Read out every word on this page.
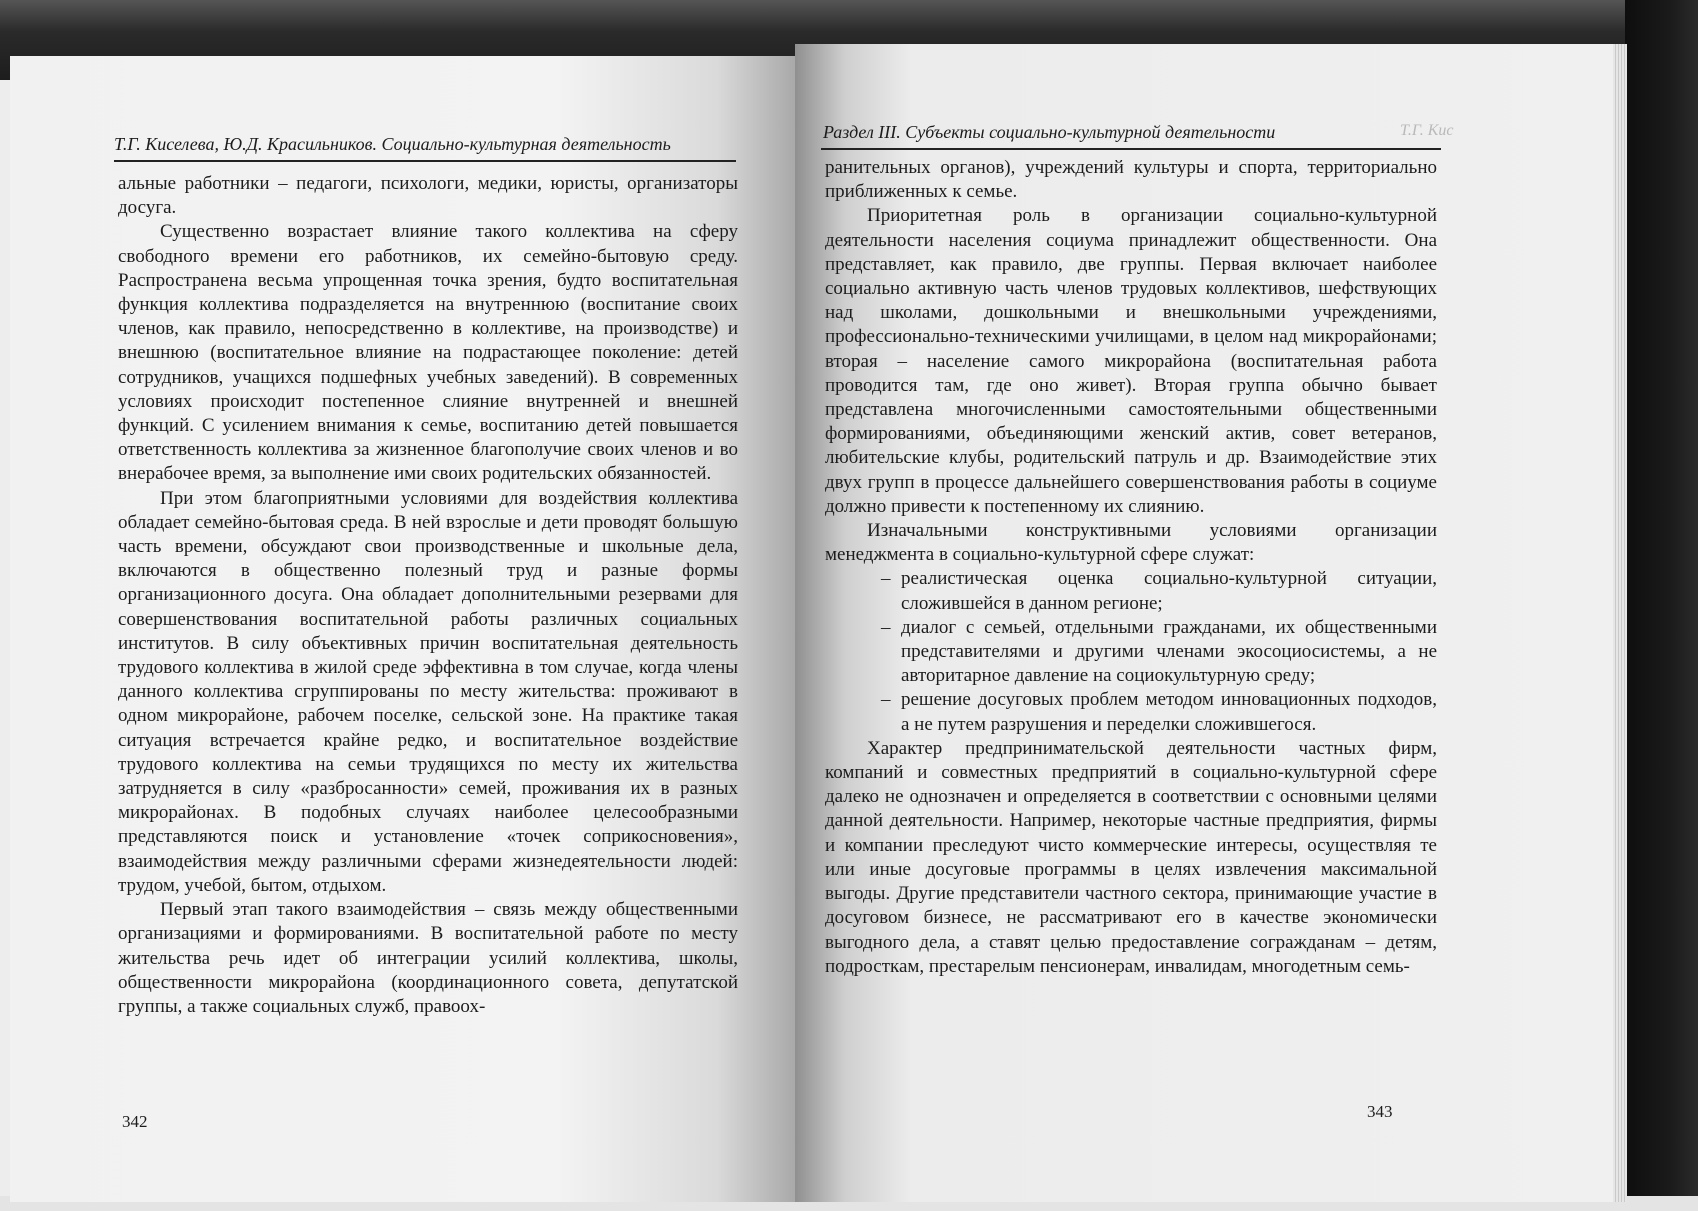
Т.Г. Киселева, Ю.Д. Красильников. Социально-культурная деятельность

альные работники – педагоги, психологи, медики, юристы, организаторы досуга.

Существенно возрастает влияние такого коллектива на сферу свободного времени его работников, их семейно-бытовую среду. Распространена весьма упрощенная точка зрения, будто воспитательная функция коллектива подразделяется на внутреннюю (воспитание своих членов, как правило, непосредственно в коллективе, на производстве) и внешнюю (воспитательное влияние на подрастающее поколение: детей сотрудников, учащихся подшефных учебных заведений). В современных условиях происходит постепенное слияние внутренней и внешней функций. С усилением внимания к семье, воспитанию детей повышается ответственность коллектива за жизненное благополучие своих членов и во внерабочее время, за выполнение ими своих родительских обязанностей.

При этом благоприятными условиями для воздействия коллектива обладает семейно-бытовая среда. В ней взрослые и дети проводят большую часть времени, обсуждают свои производственные и школьные дела, включаются в общественно полезный труд и разные формы организационного досуга. Она обладает дополнительными резервами для совершенствования воспитательной работы различных социальных институтов. В силу объективных причин воспитательная деятельность трудового коллектива в жилой среде эффективна в том случае, когда члены данного коллектива сгруппированы по месту жительства: проживают в одном микрорайоне, рабочем поселке, сельской зоне. На практике такая ситуация встречается крайне редко, и воспитательное воздействие трудового коллектива на семьи трудящихся по месту их жительства затрудняется в силу «разбросанности» семей, проживания их в разных микрорайонах. В подобных случаях наиболее целесообразными представляются поиск и установление «точек соприкосновения», взаимодействия между различными сферами жизнедеятельности людей: трудом, учебой, бытом, отдыхом.

Первый этап такого взаимодействия – связь между общественными организациями и формированиями. В воспитательной работе по месту жительства речь идет об интеграции усилий коллектива, школы, общественности микрорайона (координационного совета, депутатской группы, а также социальных служб, правоох-

342
Т.Г. Кис
Раздел III. Субъекты социально-культурной деятельности

ранительных органов), учреждений культуры и спорта, территориально приближенных к семье.

Приоритетная роль в организации социально-культурной деятельности населения социума принадлежит общественности. Она представляет, как правило, две группы. Первая включает наиболее социально активную часть членов трудовых коллективов, шефствующих над школами, дошкольными и внешкольными учреждениями, профессионально-техническими училищами, в целом над микрорайонами; вторая – население самого микрорайона (воспитательная работа проводится там, где оно живет). Вторая группа обычно бывает представлена многочисленными самостоятельными общественными формированиями, объединяющими женский актив, совет ветеранов, любительские клубы, родительский патруль и др. Взаимодействие этих двух групп в процессе дальнейшего совершенствования работы в социуме должно привести к постепенному их слиянию.

Изначальными конструктивными условиями организации менеджмента в социально-культурной сфере служат:

– реалистическая оценка социально-культурной ситуации, сложившейся в данном регионе;
– диалог с семьей, отдельными гражданами, их общественными представителями и другими членами экосоциосистемы, а не авторитарное давление на социокультурную среду;
– решение досуговых проблем методом инновационных подходов, а не путем разрушения и переделки сложившегося.

Характер предпринимательской деятельности частных фирм, компаний и совместных предприятий в социально-культурной сфере далеко не однозначен и определяется в соответствии с основными целями данной деятельности. Например, некоторые частные предприятия, фирмы и компании преследуют чисто коммерческие интересы, осуществляя те или иные досуговые программы в целях извлечения максимальной выгоды. Другие представители частного сектора, принимающие участие в досуговом бизнесе, не рассматривают его в качестве экономически выгодного дела, а ставят целью предоставление согражданам – детям, подросткам, престарелым пенсионерам, инвалидам, многодетным семь-

343
